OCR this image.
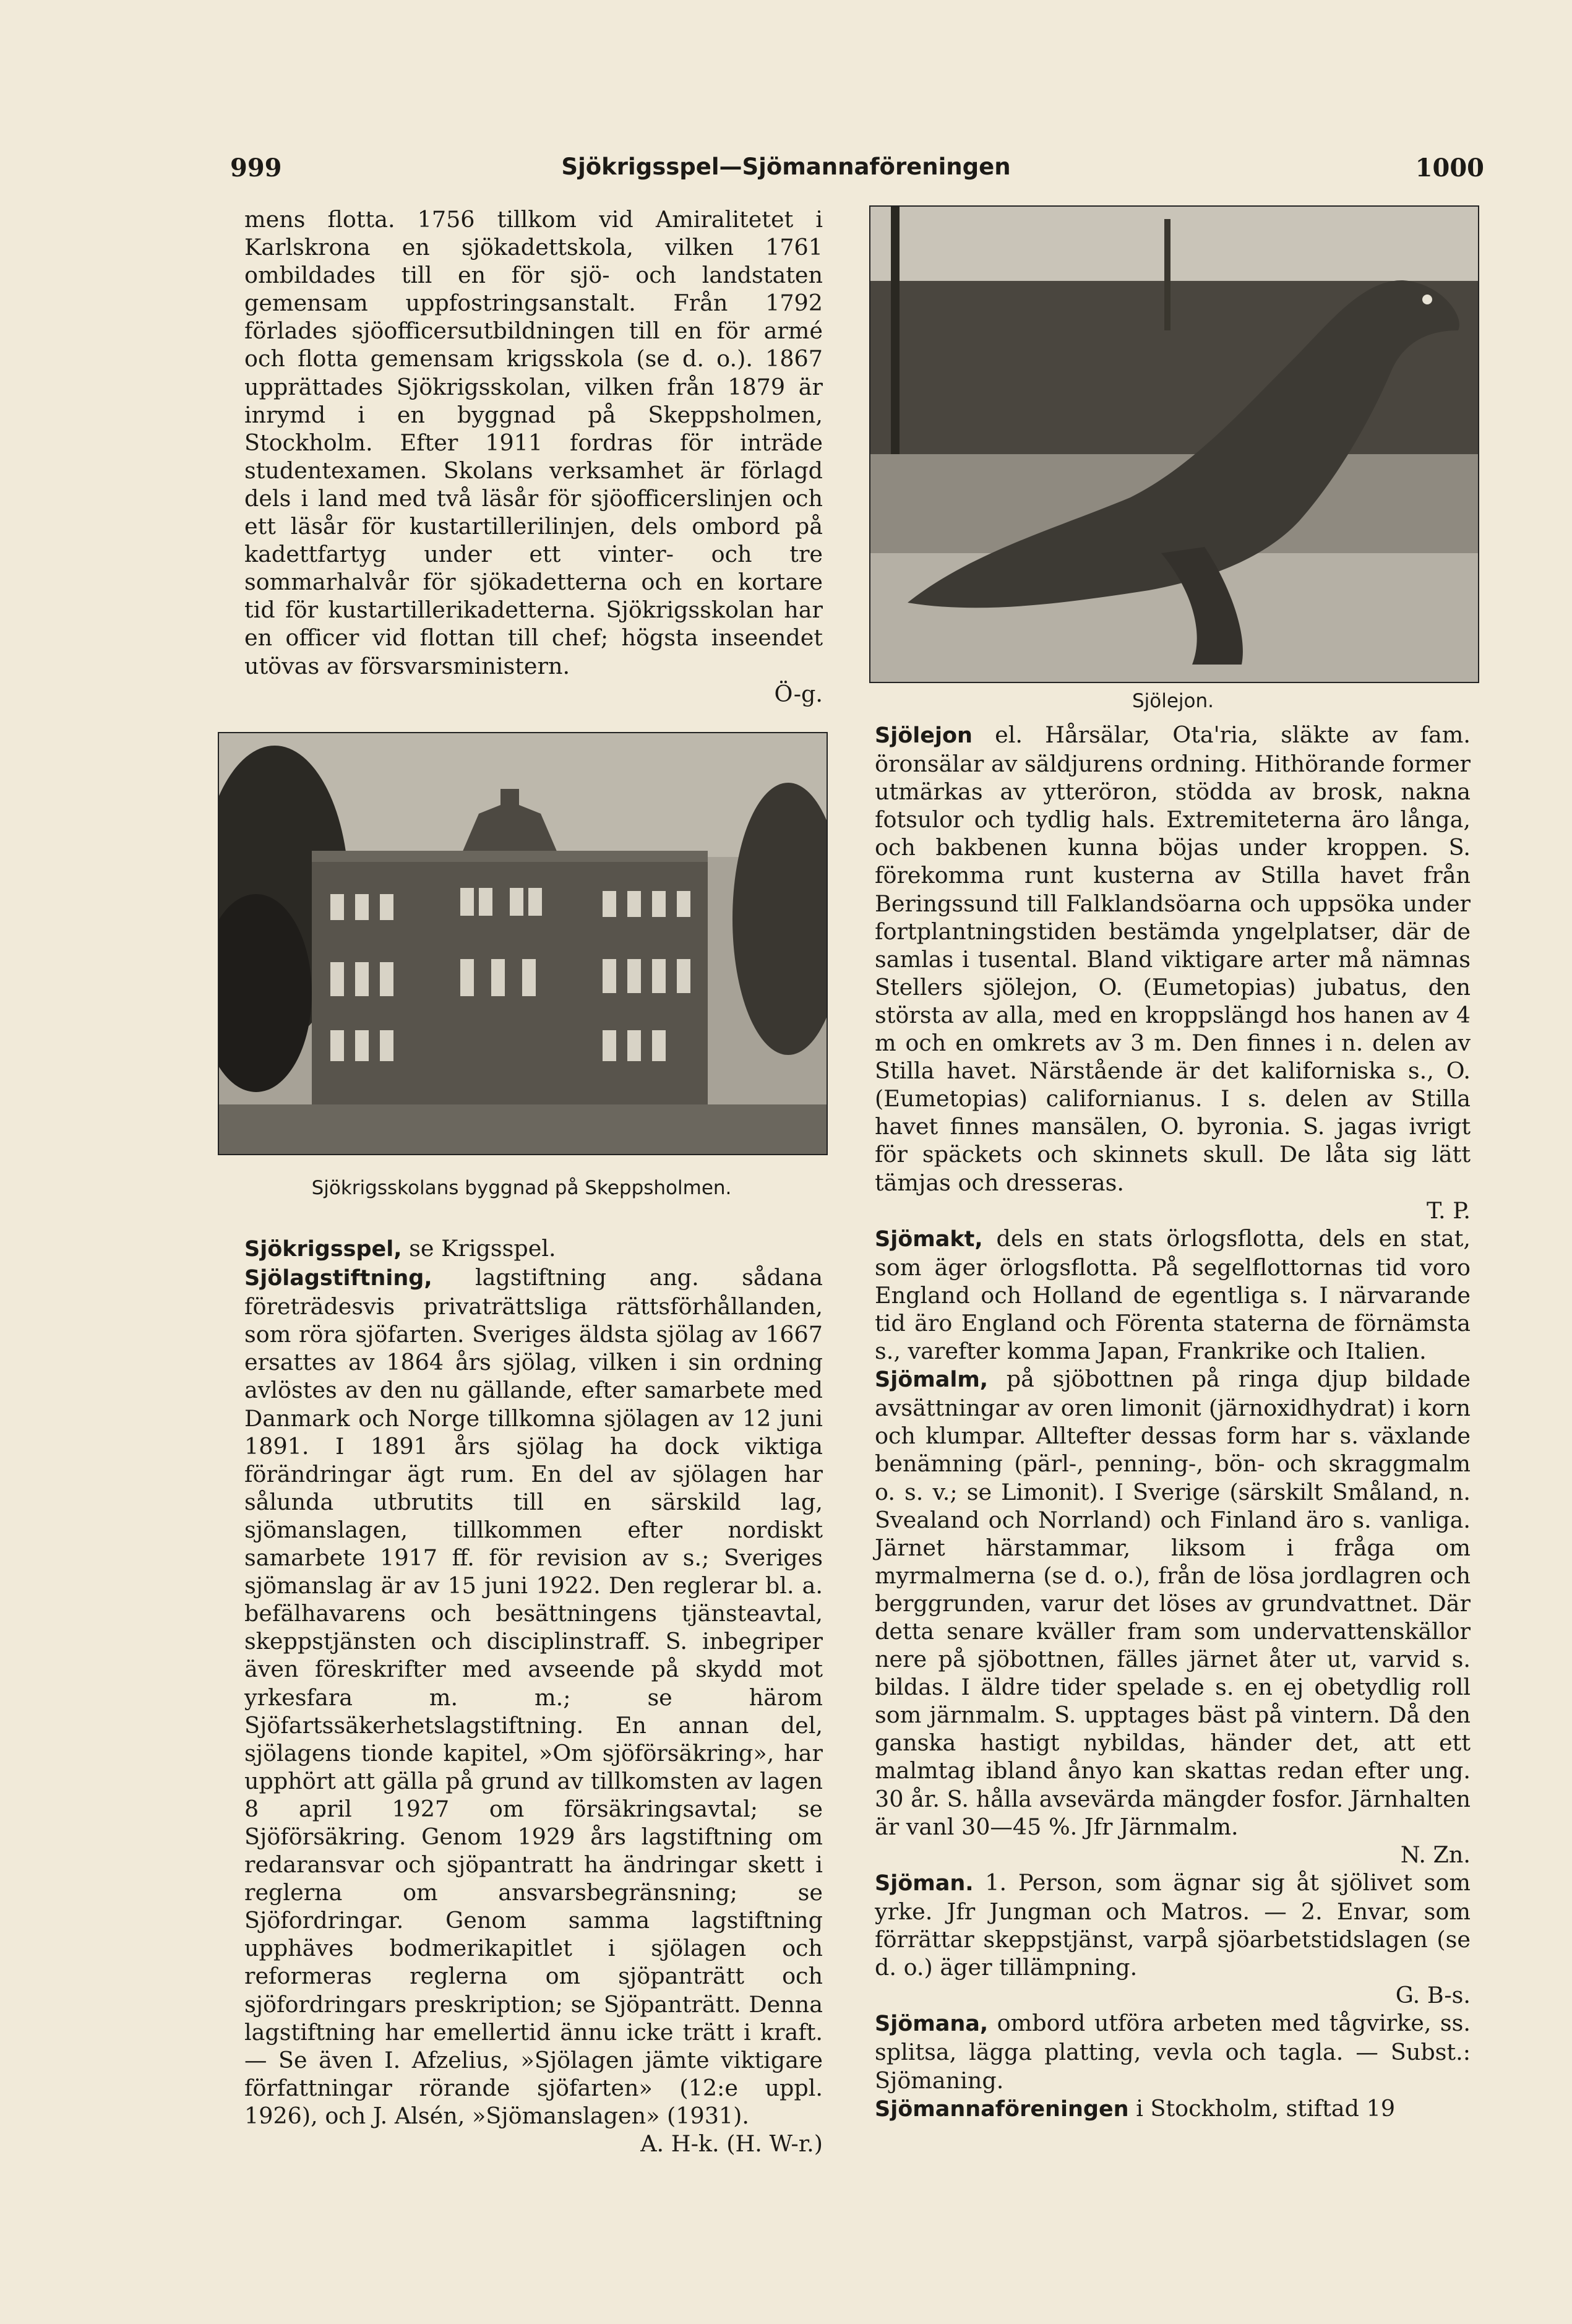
999	Sjökrigsspel—Sjömannaföreningen	1000

mens flotta. 1756 tillkom vid Amiralitetet i Karlskrona en sjökadettskola, vilken 1761 ombildades till en för sjö- och landstaten gemensam uppfostringsanstalt. Från 1792 förlades sjöofficersutbildningen till en för armé och flotta gemensam krigsskola (se d. o.). 1867 upprättades Sjökrigsskolan, vilken från 1879 är inrymd i en byggnad på Skeppsholmen, Stockholm. Efter 1911 fordras för inträde studentexamen. Skolans verksamhet är förlagd dels i land med två läsår för sjöofficerslinjen och ett läsår för kustartillerilinjen, dels ombord på kadettfartyg under ett vinter- och tre sommarhalvår för sjökadetterna och en kortare tid för kustartillerikadetterna. Sjökrigsskolan har en officer vid flottan till chef; högsta inseendet utövas av försvarsministern.

Ö-g.

Sjökrigsspel, se Krigsspel.

Sjölagstiftning, lagstiftning ang. sådana företrädesvis privaträttsliga rättsförhållanden, som röra sjöfarten. Sveriges äldsta sjölag av 1667 ersattes av 1864 års sjölag, vilken i sin ordning avlöstes av den nu gällande, efter samarbete med Danmark och Norge tillkomna sjölagen av 12 juni 1891. I 1891 års sjölag ha dock viktiga förändringar ägt rum. En del av sjölagen har sålunda utbrutits till en särskild lag, sjömanslagen, tillkommen efter nordiskt samarbete 1917 ff. för revision av s.; Sveriges sjömanslag är av 15 juni 1922. Den reglerar bl. a. befälhavarens och besättningens tjänsteavtal, skeppstjänsten och disciplinstraff. S. inbegriper även föreskrifter med avseende på skydd mot yrkesfara m. m.; se härom Sjöfartssäkerhetslagstiftning. En annan del, sjölagens tionde kapitel, »Om sjöförsäkring», har upphört att gälla på grund av tillkomsten av lagen 8 april 1927 om försäkringsavtal; se Sjöförsäkring. Genom 1929 års lagstiftning om redaransvar och sjöpantratt ha ändringar skett i reglerna om ansvarsbegränsning; se Sjöfordringar. Genom samma lagstiftning upphäves bodmerikapitlet i sjölagen och reformeras reglerna om sjöpanträtt och sjöfordringars preskription; se Sjöpanträtt. Denna lagstiftning har emellertid ännu icke trätt i kraft. — Se även I. Afzelius, »Sjölagen jämte viktigare författningar rörande sjöfarten» (12:e uppl. 1926), och J. Alsén, »Sjömanslagen» (1931).

A. H-k. (H. W-r.)

Sjökrigsskolans byggnad på Skeppsholmen.
Sjölejon.

Sjölejon el. Hårsälar, Ota'ria, släkte av fam. öronsälar av säldjurens ordning. Hithörande former utmärkas av ytteröron, stödda av brosk, nakna fotsulor och tydlig hals. Extremiteterna äro långa, och bakbenen kunna böjas under kroppen. S. förekomma runt kusterna av Stilla havet från Beringssund till Falklandsöarna och uppsöka under fortplantningstiden bestämda yngelplatser, där de samlas i tusental. Bland viktigare arter må nämnas Stellers sjölejon, O. (Eumetopias) jubatus, den största av alla, med en kroppslängd hos hanen av 4 m och en omkrets av 3 m. Den finnes i n. delen av Stilla havet. Närstående är det kaliforniska s., O. (Eumetopias) californianus. I s. delen av Stilla havet finnes mansälen, O. byronia. S. jagas ivrigt för späckets och skinnets skull. De låta sig lätt tämjas och dresseras.

T. P.

Sjömakt, dels en stats örlogsflotta, dels en stat, som äger örlogsflotta. På segelflottornas tid voro England och Holland de egentliga s. I närvarande tid äro England och Förenta staterna de förnämsta s., varefter komma Japan, Frankrike och Italien.

Sjömalm, på sjöbottnen på ringa djup bildade avsättningar av oren limonit (järnoxidhydrat) i korn och klumpar. Alltefter dessas form har s. växlande benämning (pärl-, penning-, bön- och skraggmalm o. s. v.; se Limonit). I Sverige (särskilt Småland, n. Svealand och Norrland) och Finland äro s. vanliga. Järnet härstammar, liksom i fråga om myrmalmerna (se d. o.), från de lösa jordlagren och berggrunden, varur det löses av grundvattnet. Där detta senare kväller fram som undervattenskällor nere på sjöbottnen, fälles järnet åter ut, varvid s. bildas. I äldre tider spelade s. en ej obetydlig roll som järnmalm. S. upptages bäst på vintern. Då den ganska hastigt nybildas, händer det, att ett malmtag ibland ånyo kan skattas redan efter ung. 30 år. S. hålla avsevärda mängder fosfor. Järnhalten är vanl 30—45 %. Jfr Järnmalm.

N. Zn.

Sjöman. 1. Person, som ägnar sig åt sjölivet som yrke. Jfr Jungman och Matros. — 2. Envar, som förrättar skeppstjänst, varpå sjöarbetstidslagen (se d. o.) äger tillämpning.

G. B-s.

Sjömana, ombord utföra arbeten med tågvirke, ss. splitsa, lägga platting, vevla och tagla. — Subst.: Sjömaning.

Sjömannaföreningen i Stockholm, stiftad 19
